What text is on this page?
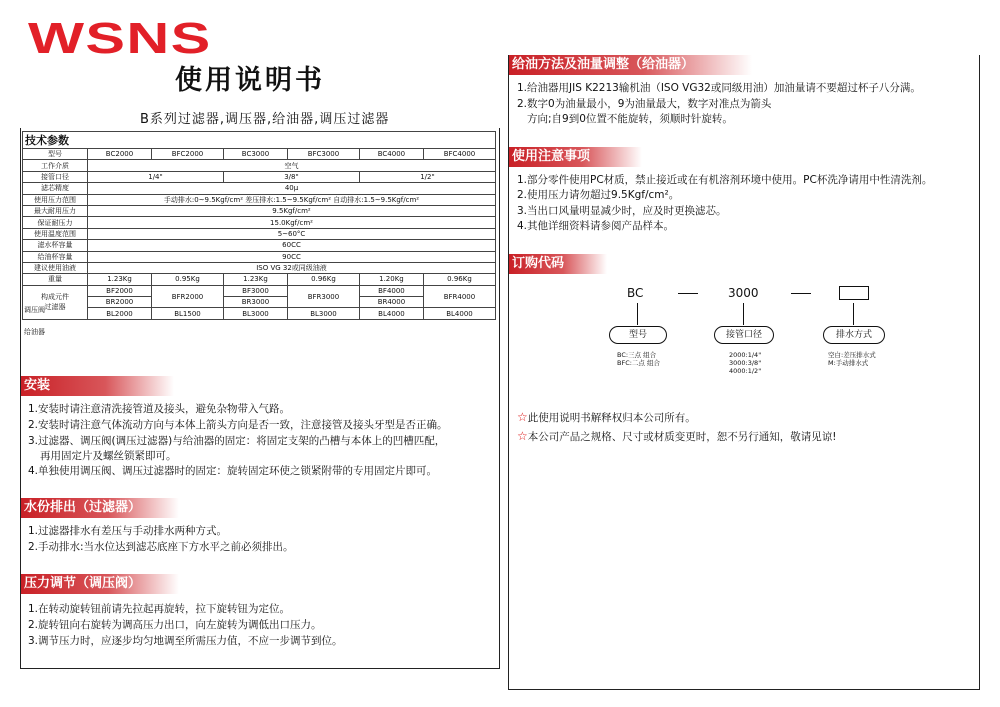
WSNS
使用说明书
B系列过滤器,调压器,给油器,调压过滤器
技术参数						
型号	BC2000	BFC2000	BC3000	BFC3000	BC4000	BFC4000
工作介质	空气					
接管口径	1/4"		3/8"		1/2"	
滤芯精度	40μ					
使用压力范围	手动排水:0~9.5Kgf/cm² 差压排水:1.5~9.5Kgf/cm² 自动排水:1.5~9.5Kgf/cm²					
最大耐用压力	9.5Kgf/cm²					
保证耐压力	15.0Kgf/cm²					
使用温度范围	5~60°C					
滤水杯容量	60CC					
给油杯容量	90CC					
建议使用油液	ISO VG 32或同级油液					
重量	1.23Kg	0.95Kg	1.23Kg	0.96Kg	1.20Kg	0.96Kg
构成元件
过滤器	BF2000	BFR2000	BF3000	BFR3000	BF4000	BFR4000
	BR2000		BR3000		BR4000	
	BL2000	BL1500	BL3000	BL3000	BL4000	BL4000
调压阀
给油器
安装
1.安装时请注意清洗接管道及接头，避免杂物带入气路。
2.安装时请注意气体流动方向与本体上箭头方向是否一致，注意接管及接头牙型是否正确。
3.过滤器、调压阀(调压过滤器)与给油器的固定：将固定支架的凸槽与本体上的凹槽匹配，
再用固定片及螺丝锁紧即可。
4.单独使用调压阀、调压过滤器时的固定：旋转固定环使之锁紧附带的专用固定片即可。
水份排出（过滤器）
1.过滤器排水有差压与手动排水两种方式。
2.手动排水:当水位达到滤芯底座下方水平之前必须排出。
压力调节（调压阀）
1.在转动旋转钮前请先拉起再旋转，拉下旋转钮为定位。
2.旋转钮向右旋转为调高压力出口，向左旋转为调低出口压力。
3.调节压力时，应逐步均匀地调至所需压力值，不应一步调节到位。
给油方法及油量调整（给油器）
1.给油器用JIS K2213输机油（ISO VG32或同级用油）加油量请不要超过杯子八分满。
2.数字0为油量最小，9为油量最大，数字对准点为箭头
方向;自9到0位置不能旋转，须顺时针旋转。
使用注意事项
1.部分零件使用PC材质，禁止接近或在有机溶剂环境中使用。PC杯洗净请用中性清洗剂。
2.使用压力请勿超过9.5Kgf/cm²。
3.当出口风量明显减少时，应及时更换滤芯。
4.其他详细资料请参阅产品样本。
订购代码
BC	3000
型号	接管口径	排水方式
BC:三点 组合
BFC:二点 组合
2000:1/4"
3000:3/8"
4000:1/2"
空白:差压排水式
M:手动排水式
☆此使用说明书解释权归本公司所有。
☆本公司产品之规格、尺寸或材质变更时，恕不另行通知，敬请见谅!
